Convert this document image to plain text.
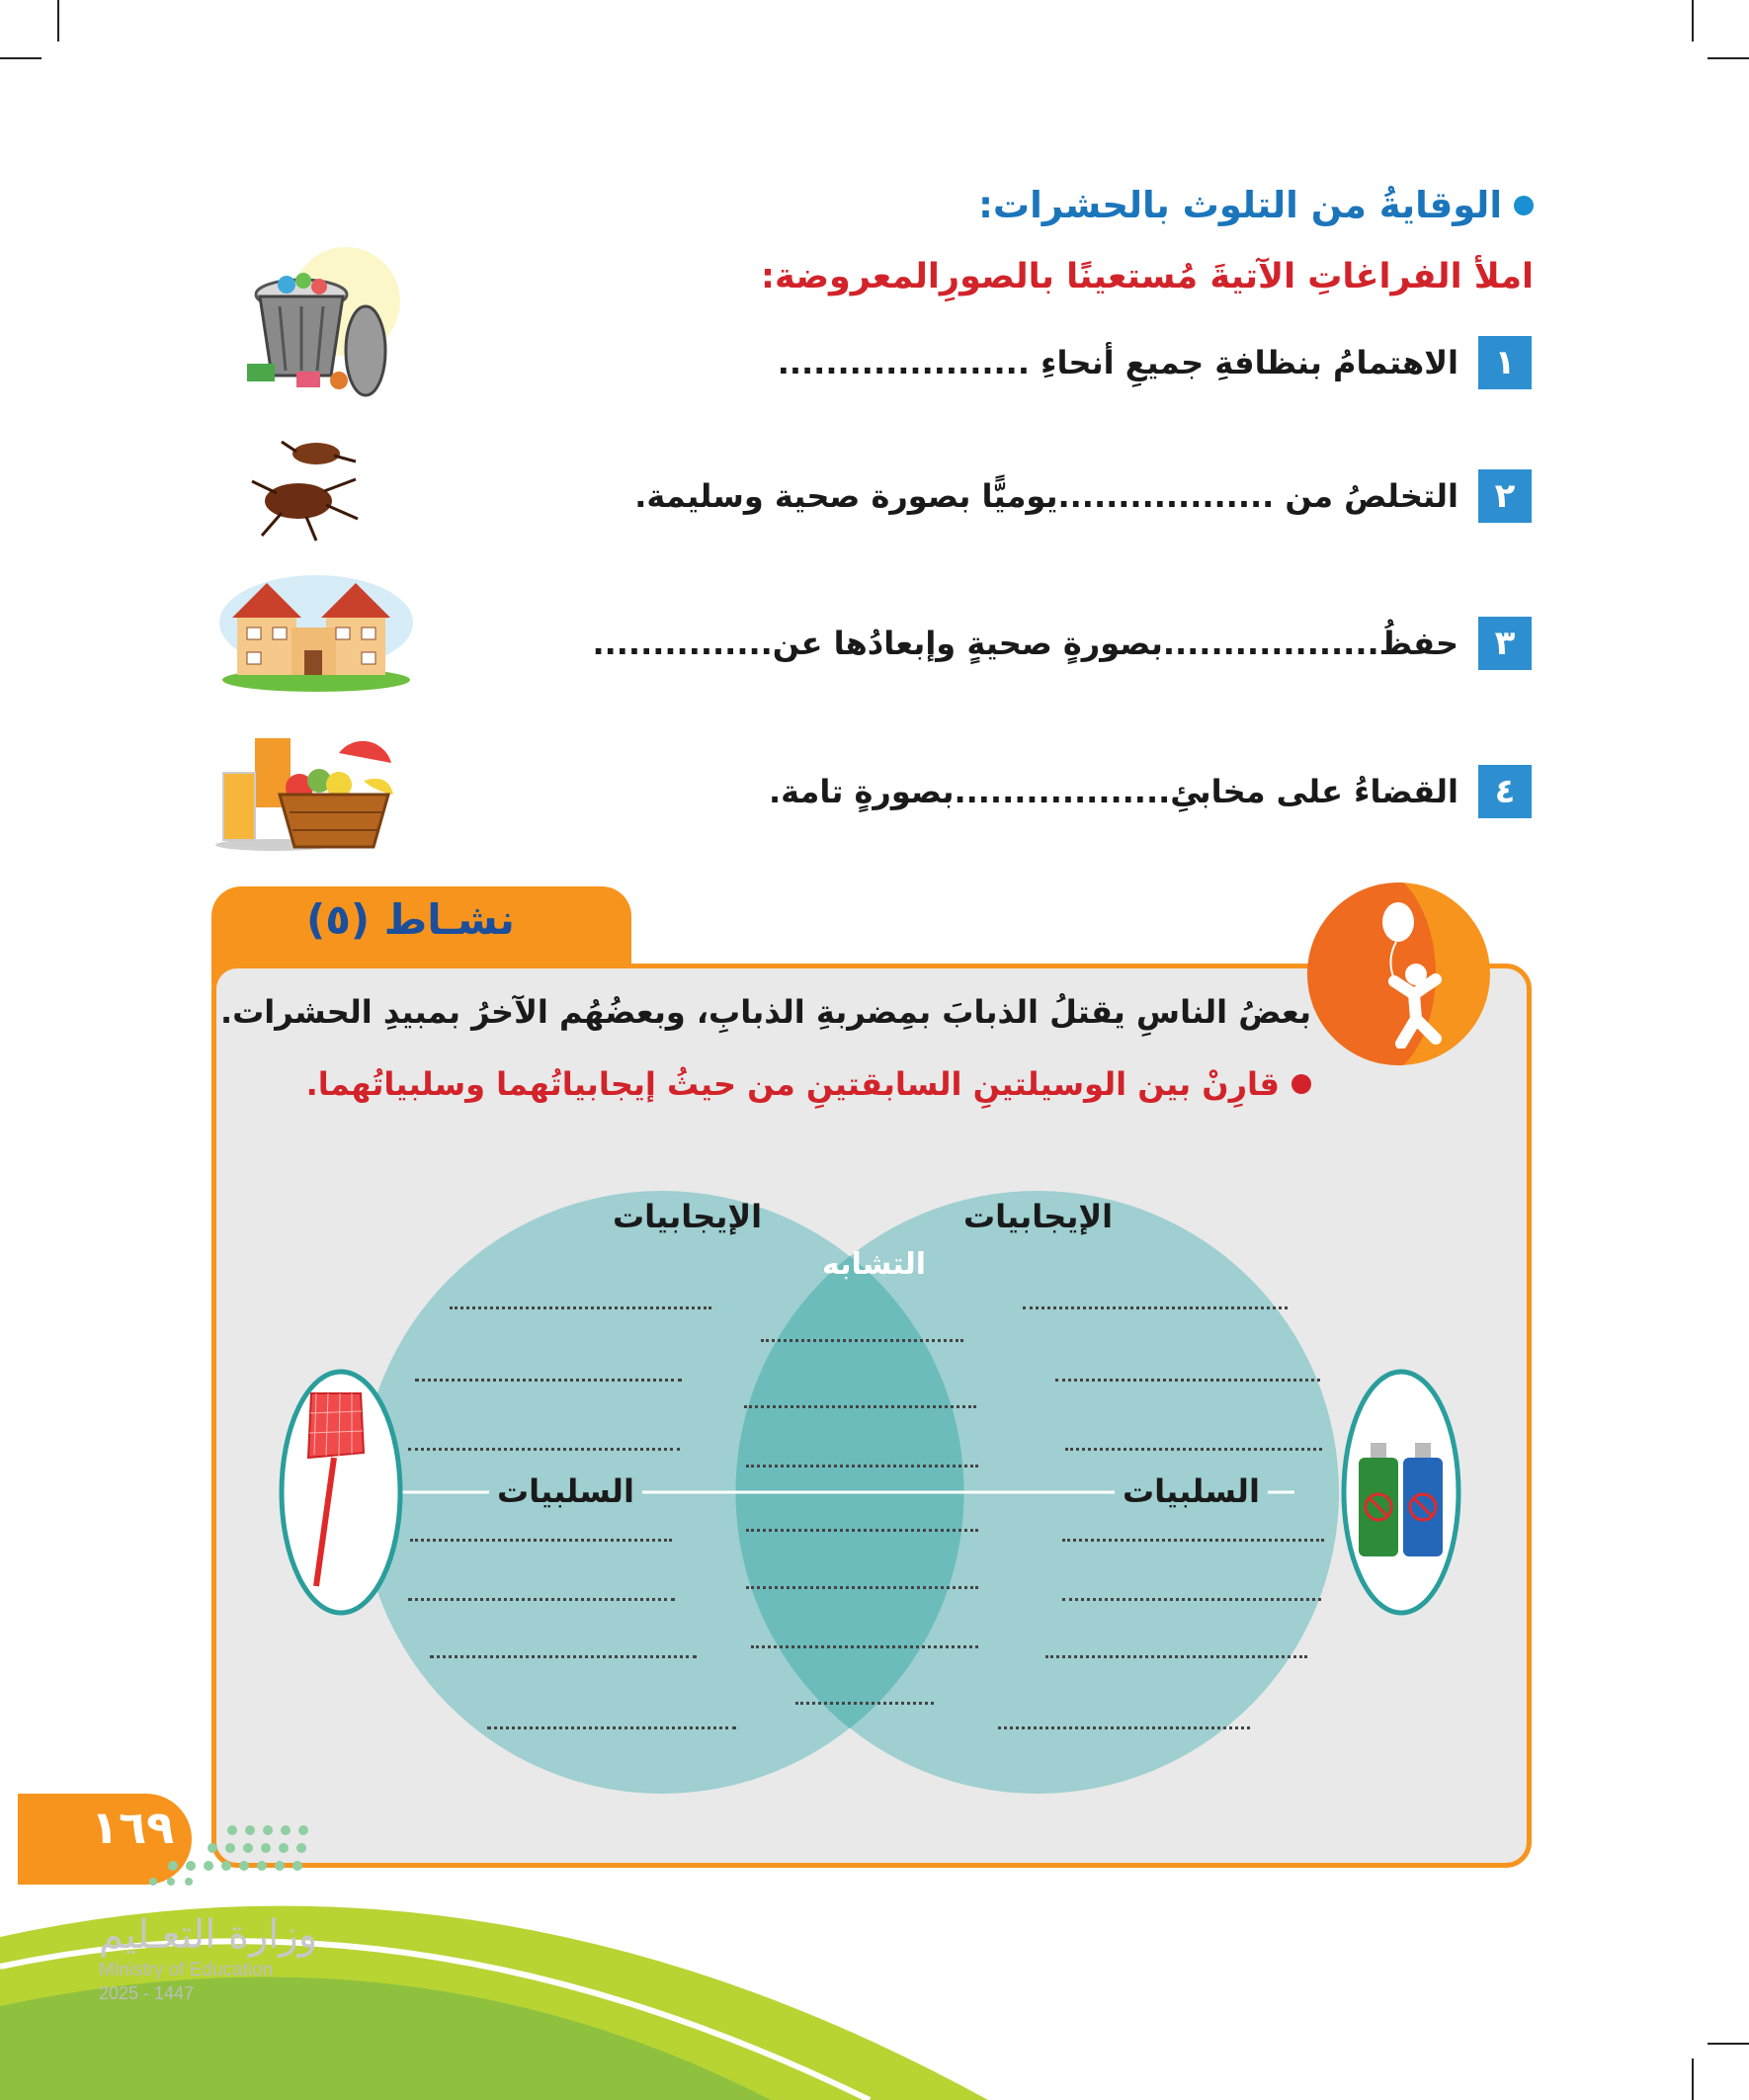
الوقايةُ من التلوث بالحشرات:
املأ الفراغاتِ الآتيةَ مُستعينًا بالصورِالمعروضة:
١
الاهتمامُ بنظافةِ جميعِ أنحاءِ .....................
٢
التخلصُ من ..................يوميًّا بصورة صحية وسليمة.
٣
حفظُ..................بصورةٍ صحيةٍ وإبعادُها عن...............
٤
القضاءُ على مخابئِ..................بصورةٍ تامة.
نشـاط (٥)
بعضُ الناسِ يقتلُ الذبابَ بمِضربةِ الذبابِ، وبعضُهُم الآخرُ بمبيدِ الحشرات.
قارِنْ بين الوسيلتينِ السابقتينِ من حيثُ إيجابياتُهما وسلبياتُهما.
الإيجابيات	الإيجابيات
التشابه
السلبيات	السلبيات
١٦٩
وزارة التعـليم
Ministry of Education
2025 - 1447
